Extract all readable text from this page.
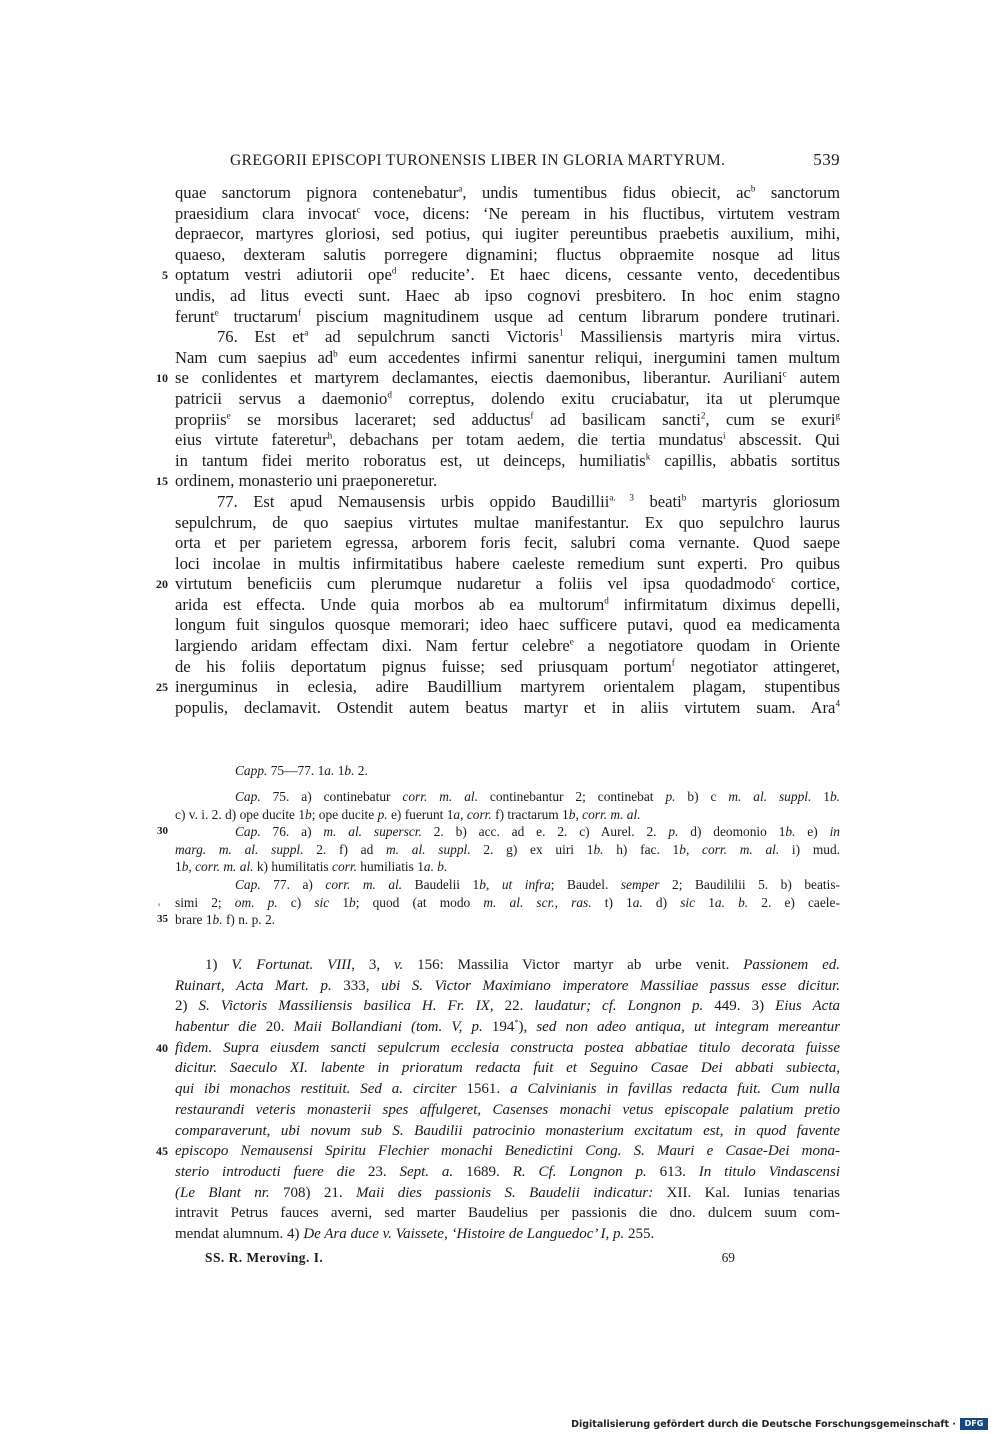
GREGORII EPISCOPI TURONENSIS LIBER IN GLORIA MARTYRUM.	539
quae sanctorum pignora contenebatur$^a$, undis tumentibus fidus obiecit, $ac^b$ sanctorum
praesidium clara invocat$^c$ voce, dicens: ‘Ne peream in his fluctibus, virtutem vestram
depraecor, martyres gloriosi, sed potius, qui iugiter pereuntibus praebetis auxilium, mihi,
quaeso, dexteram salutis porregere dignamini; fluctus obpraemite nosque ad litus
5 optatum vestri adiutorii ope$^d$ reducite’. Et haec dicens, cessante vento, decedentibus
undis, ad litus evecti sunt. Haec ab ipso cognovi presbitero. In hoc enim stagno
ferunt$^e$ tructarum$^f$ piscium magnitudinem usque ad centum librarum pondere trutinari.
76. Est $et^a$ ad sepulchrum sancti Victoris$^1$ Massiliensis martyris mira virtus.
Nam cum saepius $ad^b$ eum accedentes infirmi sanentur reliqui, inergumini tamen multum
10 se conlidentes et martyrem declamantes, eiectis daemonibus, liberantur. Auriliani$^c$ autem
patricii servus a daemonio$^d$ correptus, dolendo exitu cruciabatur, ita ut plerumque
propriis$^e$ se morsibus laceraret; sed adductus$^f$ ad basilicam sancti$^2$, cum se exuri$^g$
eius virtute fateretur$^h$, debachans per totam aedem, die tertia mundatus$^i$ abscessit. Qui
in tantum fidei merito roboratus est, ut deinceps, humiliatis$^k$ capillis, abbatis sortitus
15 ordinem, monasterio uni praeponeretur.
77. Est apud Nemausensis urbis oppido Baudillii$^{a. 3}$ beati$^b$ martyris gloriosum
sepulchrum, de quo saepius virtutes multae manifestantur. Ex quo sepulchro laurus
orta et per parietem egressa, arborem foris fecit, salubri coma vernante. Quod saepe
loci incolae in multis infirmitatibus habere caeleste remedium sunt experti. Pro quibus
20 virtutum beneficiis cum plerumque nudaretur a foliis vel ipsa quodadmodo$^c$ cortice,
arida est effecta. Unde quia morbos ab ea multorum$^d$ infirmitatum diximus depelli,
longum fuit singulos quosque memorari; ideo haec sufficere putavi, quod ea medicamenta
largiendo aridam effectam dixi. Nam fertur celebre$^e$ a negotiatore quodam in Oriente
de his foliis deportatum pignus fuisse; sed priusquam portum$^f$ negotiator attingeret,
25 inerguminus in eclesia, adire Baudillium martyrem orientalem plagam, stupentibus
populis, declamavit. Ostendit autem beatus martyr et in aliis virtutem suam. Ara$^4$
Capp. 75—77. 1a. 1b. 2.
Cap. 75. a) continebatur corr. m. al. continebantur 2; continebat p. b) c m. al. suppl. 1b.
c) v. i. 2. d) ope ducite 1b; ope ducite p. e) fuerunt 1a, corr. f) tractarum 1b, corr. m. al.
30	Cap. 76. a) m. al. superscr. 2. b) acc. ad e. 2. c) Aurel. 2. p. d) deomonio 1b. e) in
marg. m. al. suppl. 2. f) ad m. al. suppl. 2. g) ex uiri 1b. h) fac. 1b, corr. m. al. i) mud.
1b, corr. m. al. k) humilitatis corr. humiliatis 1a. b.
Cap. 77. a) corr. m. al. Baudelii 1b, ut infra; Baudel. semper 2; Baudililii 5. b) beatis-
simi 2; om. p. c) sic 1b; quod (at modo m. al. scr., ras. t) 1a. d) sic 1a. b. 2. e) caele-
35 brare 1b. f) n. p. 2.
1) V. Fortunat. VIII, 3, v. 156: Massilia Victor martyr ab urbe venit. Passionem ed.
Ruinart, Acta Mart. p. 333, ubi S. Victor Maximiano imperatore Massiliae passus esse dicitur.
2) S. Victoris Massiliensis basilica H. Fr. IX, 22. laudatur; cf. Longnon p. 449. 3) Eius Acta
habentur die 20. Maii Bollandiani (tom. V, p. 194*), sed non adeo antiqua, ut integram mereantur
40 fidem. Supra eiusdem sancti sepulcrum ecclesia constructa postea abbatiae titulo decorata fuisse
dicitur. Saeculo XI. labente in prioratum redacta fuit et Seguino Casae Dei abbati subiecta,
qui ibi monachos restituit. Sed a. circiter 1561. a Calvinianis in favillas redacta fuit. Cum nulla
restaurandi veteris monasterii spes affulgeret, Casenses monachi vetus episcopale palatium pretio
comparaverunt, ubi novum sub S. Baudilii patrocinio monasterium excitatum est, in quod favente
45 episcopo Nemausensi Spiritu Flechier monachi Benedictini Cong. S. Mauri e Casae-Dei mona-
sterio introducti fuere die 23. Sept. a. 1689. R. Cf. Longnon p. 613. In titulo Vindascensi
(Le Blant nr. 708) 21. Maii dies passionis S. Baudelii indicatur: XII. Kal. Iunias tenarias
intravit Petrus fauces averni, sed marter Baudelius per passionis die dno. dulcem suum com-
mendat alumnum. 4) De Ara duce v. Vaissete, ‘Histoire de Languedoc’ I, p. 255.
SS. R. Meroving. I.	69
'
Digitalisierung gefördert durch die Deutsche Forschungsgemeinschaft ·	DFG
